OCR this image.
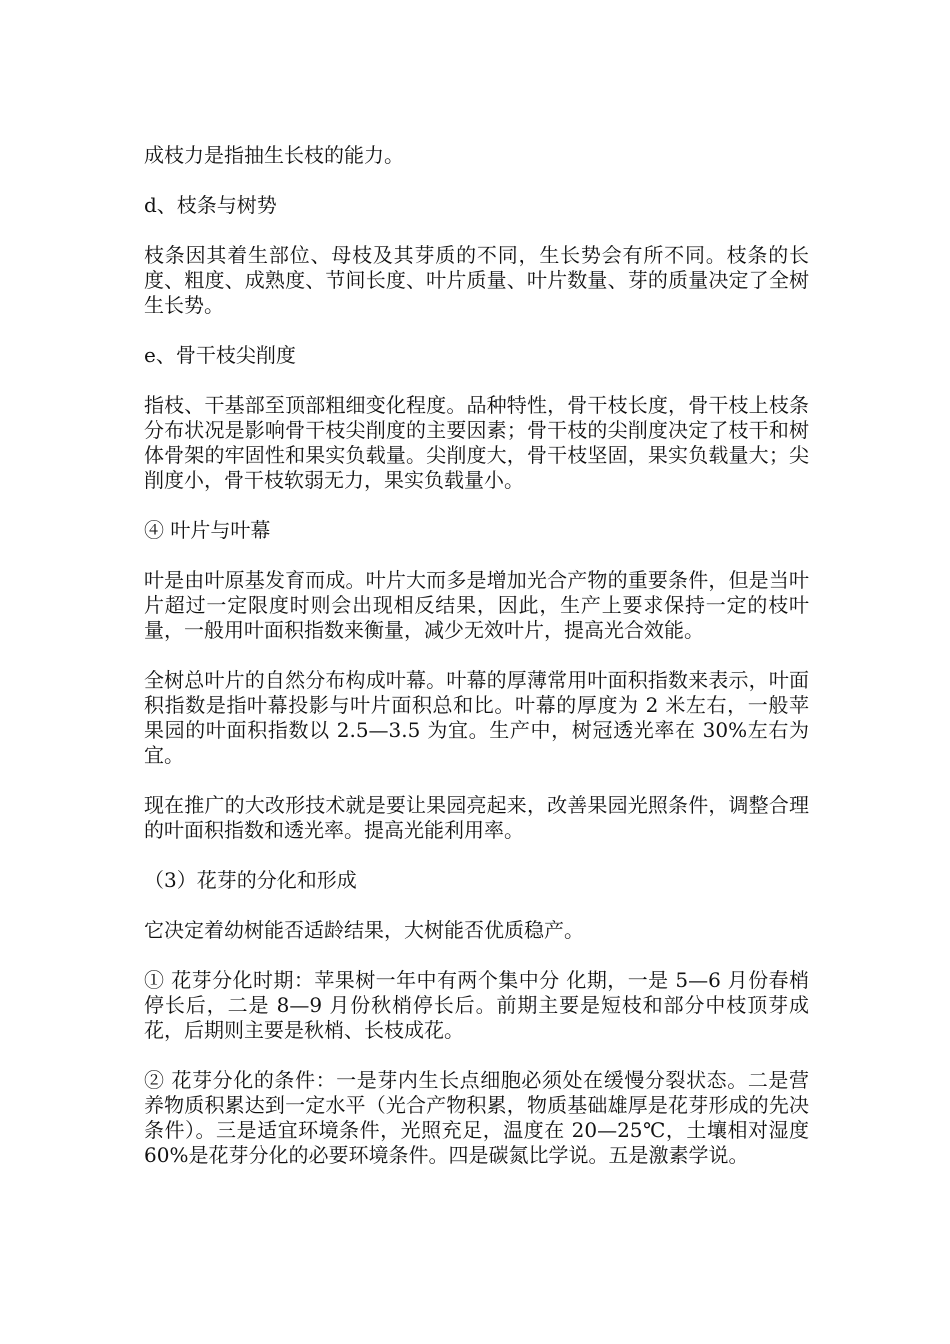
成枝力是指抽生长枝的能力。

d、枝条与树势

枝条因其着生部位、母枝及其芽质的不同，生长势会有所不同。枝条的长度、粗度、成熟度、节间长度、叶片质量、叶片数量、芽的质量决定了全树生长势。

e、骨干枝尖削度

指枝、干基部至顶部粗细变化程度。品种特性，骨干枝长度，骨干枝上枝条分布状况是影响骨干枝尖削度的主要因素；骨干枝的尖削度决定了枝干和树体骨架的牢固性和果实负载量。尖削度大，骨干枝坚固，果实负载量大；尖削度小，骨干枝软弱无力，果实负载量小。

④ 叶片与叶幕

叶是由叶原基发育而成。叶片大而多是增加光合产物的重要条件，但是当叶片超过一定限度时则会出现相反结果，因此，生产上要求保持一定的枝叶量，一般用叶面积指数来衡量，减少无效叶片，提高光合效能。

全树总叶片的自然分布构成叶幕。叶幕的厚薄常用叶面积指数来表示，叶面积指数是指叶幕投影与叶片面积总和比。叶幕的厚度为 2 米左右，一般苹果园的叶面积指数以 2.5—3.5 为宜。生产中，树冠透光率在 30%左右为宜。

现在推广的大改形技术就是要让果园亮起来，改善果园光照条件，调整合理的叶面积指数和透光率。提高光能利用率。

（3）花芽的分化和形成

它决定着幼树能否适龄结果，大树能否优质稳产。

① 花芽分化时期：苹果树一年中有两个集中分 化期，一是 5—6 月份春梢停长后，二是 8—9 月份秋梢停长后。前期主要是短枝和部分中枝顶芽成花，后期则主要是秋梢、长枝成花。

② 花芽分化的条件：一是芽内生长点细胞必须处在缓慢分裂状态。二是营养物质积累达到一定水平（光合产物积累，物质基础雄厚是花芽形成的先决条件）。三是适宜环境条件，光照充足，温度在 20—25℃，土壤相对湿度 60%是花芽分化的必要环境条件。四是碳氮比学说。五是激素学说。
